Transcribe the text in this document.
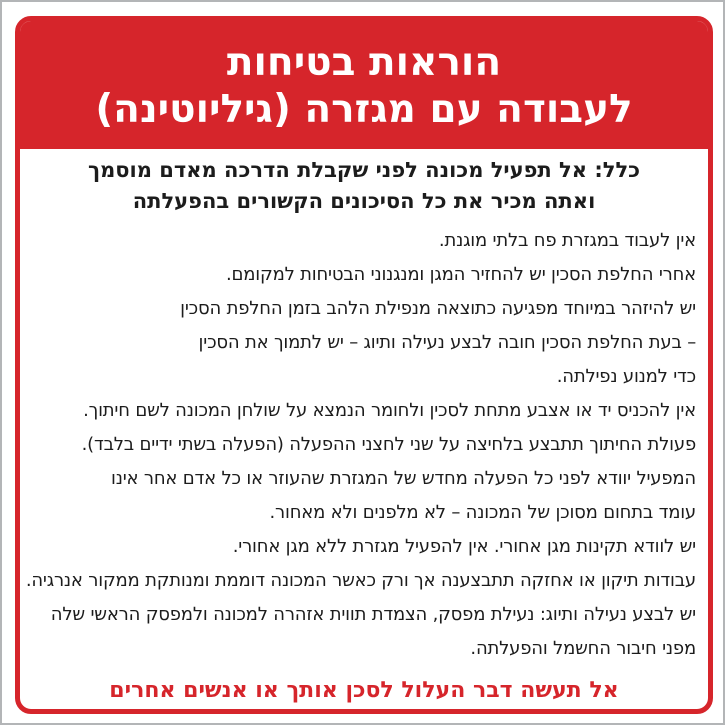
הוראות בטיחות
לעבודה עם מגזרה (גיליוטינה)
כלל: אל תפעיל מכונה לפני שקבלת הדרכה מאדם מוסמך
ואתה מכיר את כל הסיכונים הקשורים בהפעלתה
אין לעבוד במגזרת פח בלתי מוגנת.
אחרי החלפת הסכין יש להחזיר המגן ומנגנוני הבטיחות למקומם.
יש להיזהר במיוחד מפגיעה כתוצאה מנפילת הלהב בזמן החלפת הסכין
– בעת החלפת הסכין חובה לבצע נעילה ותיוג – יש לתמוך את הסכין
כדי למנוע נפילתה.
אין להכניס יד או אצבע מתחת לסכין ולחומר הנמצא על שולחן המכונה לשם חיתוך.
פעולת החיתוך תתבצע בלחיצה על שני לחצני ההפעלה (הפעלה בשתי ידיים בלבד).
המפעיל יוודא לפני כל הפעלה מחדש של המגזרת שהעוזר או כל אדם אחר אינו
עומד בתחום מסוכן של המכונה – לא מלפנים ולא מאחור.
יש לוודא תקינות מגן אחורי. אין להפעיל מגזרת ללא מגן אחורי.
עבודות תיקון או אחזקה תתבצענה אך ורק כאשר המכונה דוממת ומנותקת ממקור אנרגיה.
יש לבצע נעילה ותיוג: נעילת מפסק, הצמדת תווית אזהרה למכונה ולמפסק הראשי שלה
מפני חיבור החשמל והפעלתה.
אל תעשה דבר העלול לסכן אותך או אנשים אחרים
